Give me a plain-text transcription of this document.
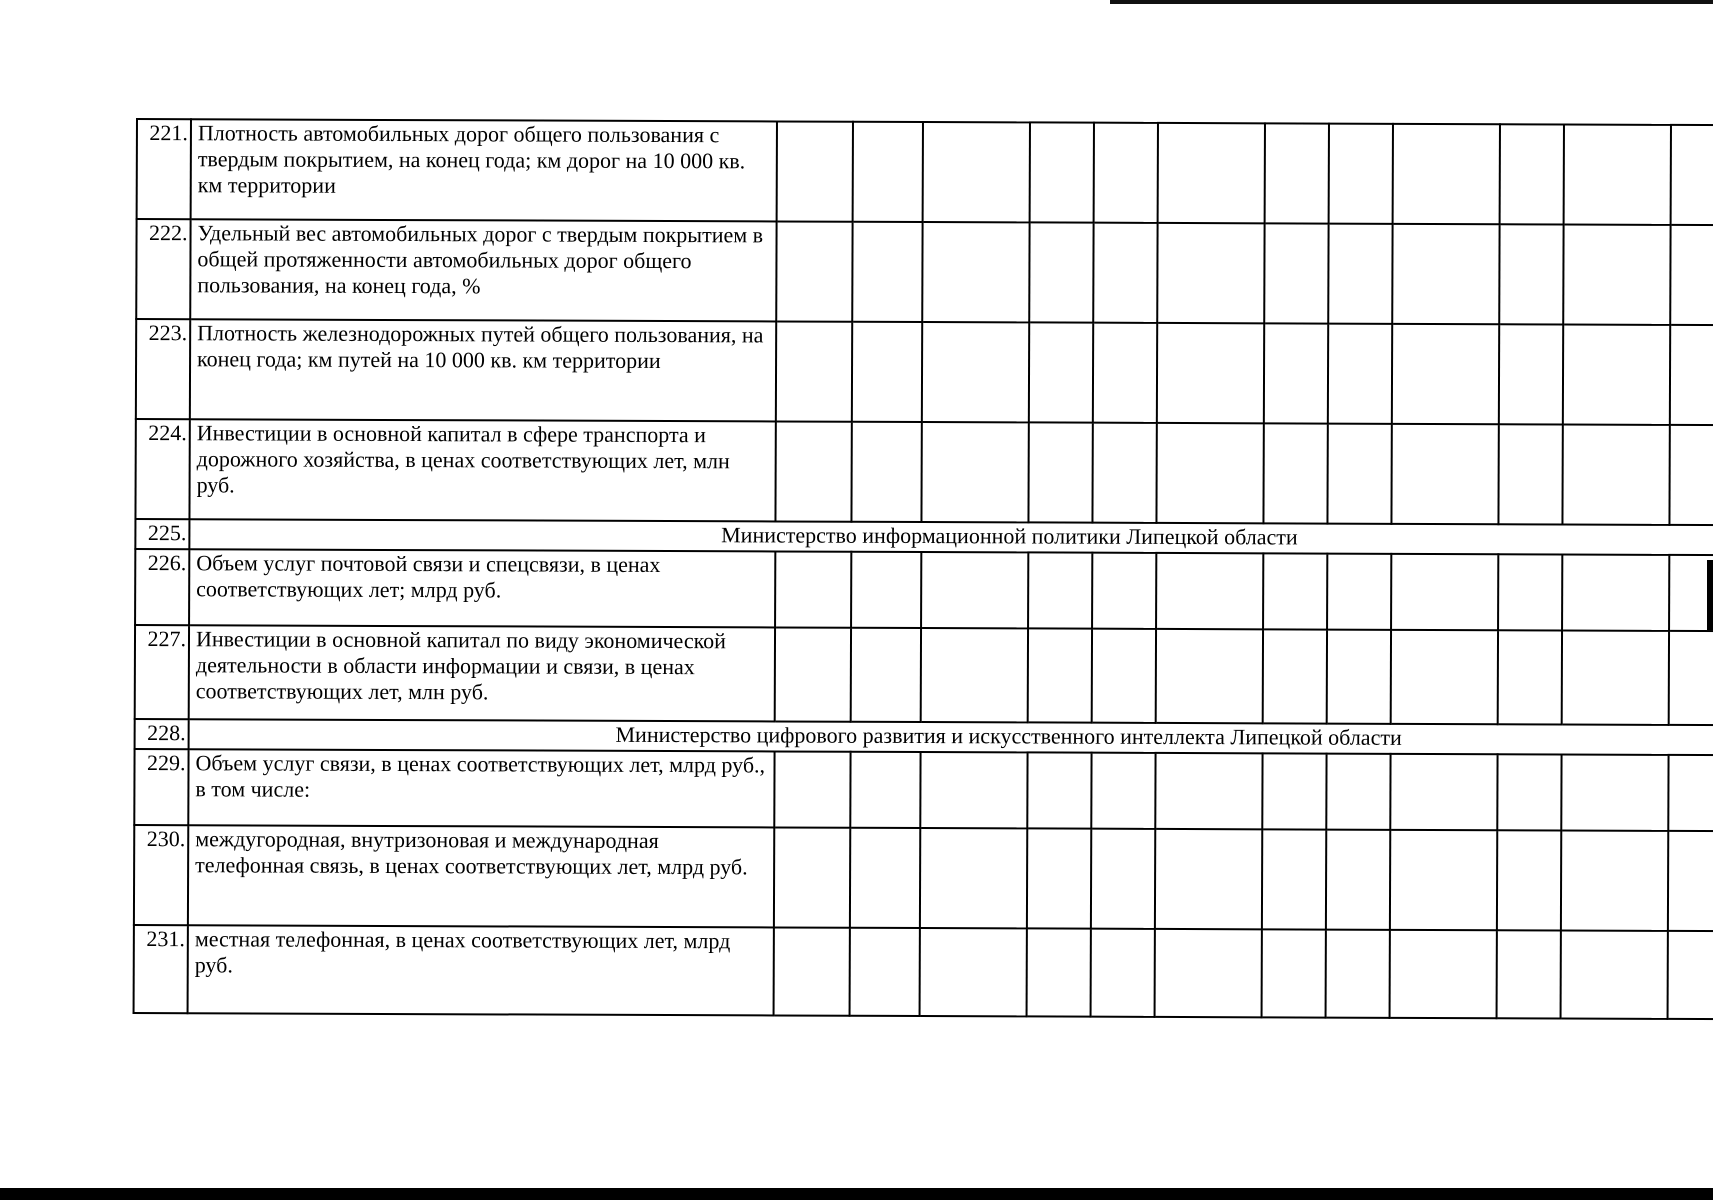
221.	Плотность автомобильных дорог общего пользования с твердым покрытием, на конец года; км дорог на 10 000 кв. км территории													
222.	Удельный вес автомобильных дорог с твердым покрытием в общей протяженности автомобильных дорог общего пользования, на конец года, %													
223.	Плотность железнодорожных путей общего пользования, на конец года; км путей на 10 000 кв. км территории													
224.	Инвестиции в основной капитал в сфере транспорта и дорожного хозяйства, в ценах соответствующих лет, млн руб.													
225.	Министерство информационной политики Липецкой области													
226.	Объем услуг почтовой связи и спецсвязи, в ценах соответствующих лет; млрд руб.													
227.	Инвестиции в основной капитал по виду экономической деятельности в области информации и связи, в ценах соответствующих лет, млн руб.													
228.	Министерство цифрового развития и искусственного интеллекта Липецкой области													
229.	Объем услуг связи, в ценах соответствующих лет, млрд руб., в том числе:													
230.	междугородная, внутризоновая и международная телефонная связь, в ценах соответствующих лет, млрд руб.													
231.	местная телефонная, в ценах соответствующих лет, млрд руб.													
